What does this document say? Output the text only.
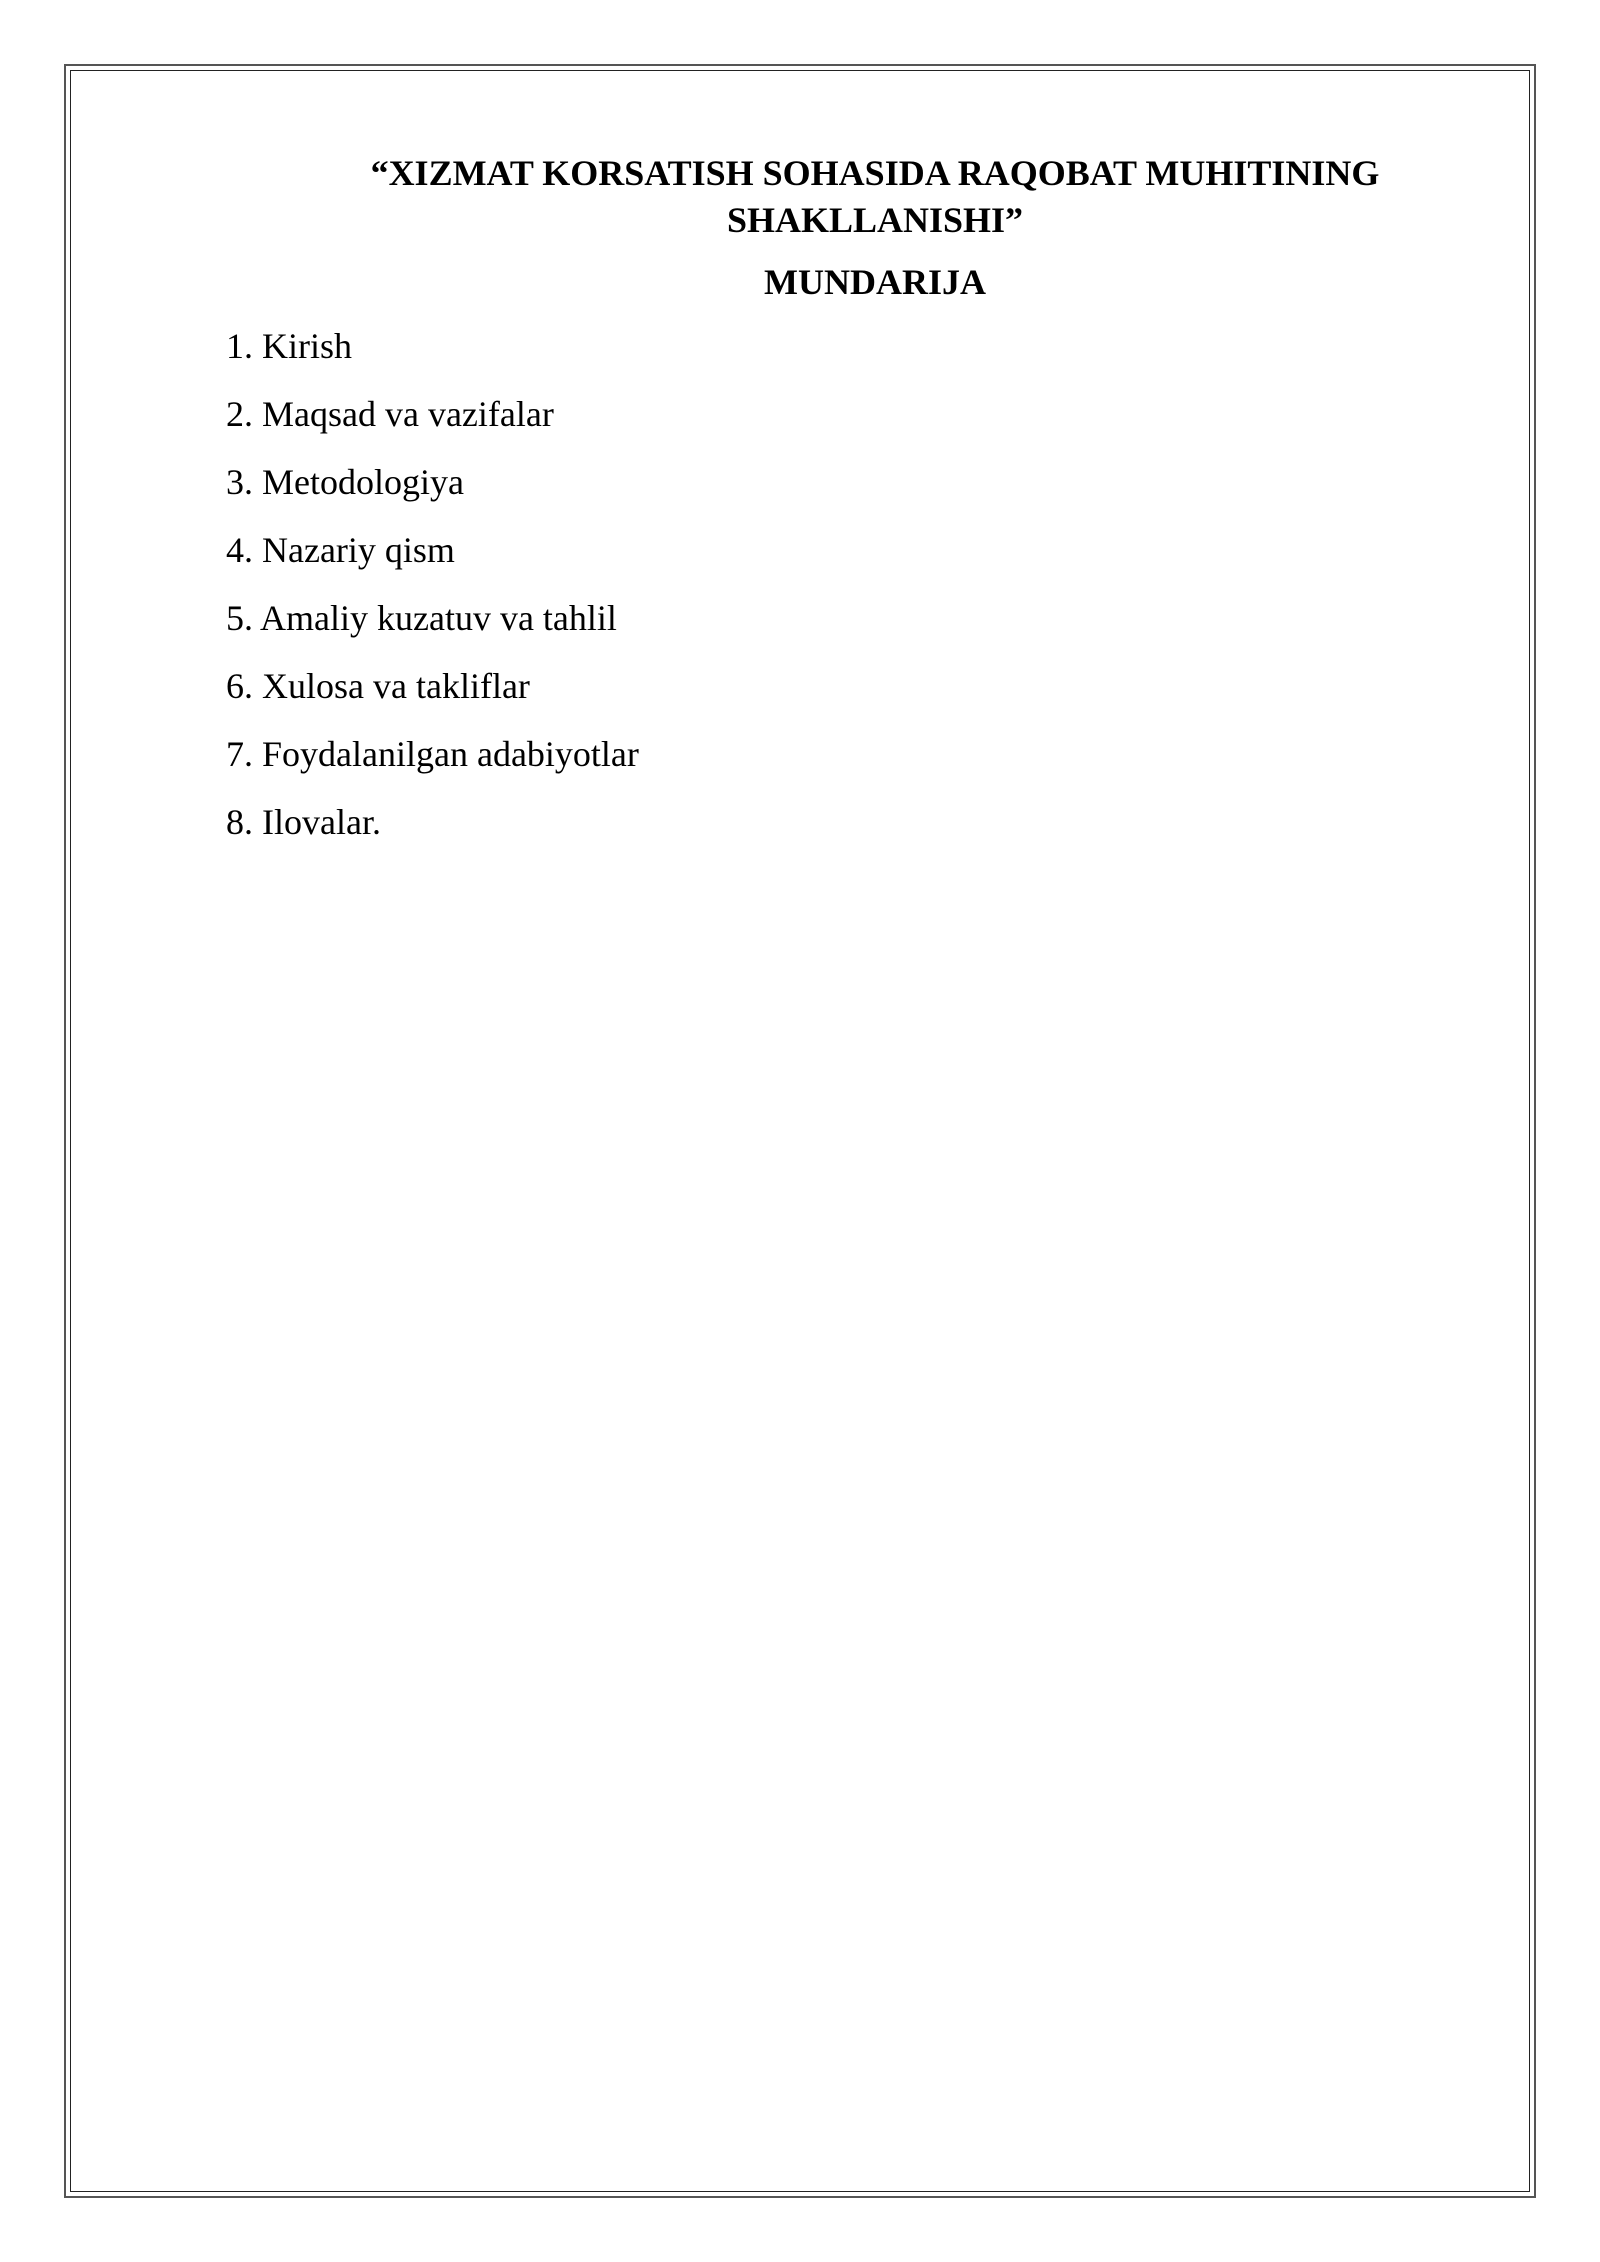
“XIZMAT KORSATISH SOHASIDA RAQOBAT MUHITINING SHAKLLANISHI”
MUNDARIJA
1. Kirish
2. Maqsad va vazifalar
3. Metodologiya
4. Nazariy qism
5. Amaliy kuzatuv va tahlil
6. Xulosa va takliflar
7. Foydalanilgan adabiyotlar
8. Ilovalar.
